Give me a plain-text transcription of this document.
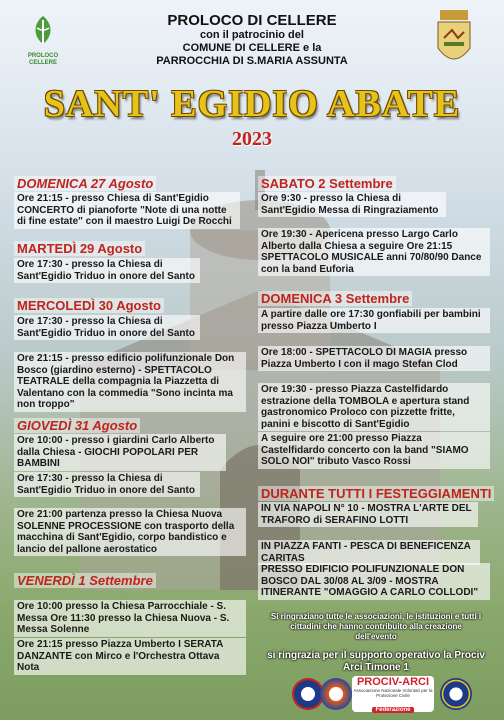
PROLOCO
CELLERE
PROLOCO DI CELLERE
con il patrocinio del
COMUNE DI CELLERE e la
PARROCCHIA DI S.MARIA ASSUNTA
SANT' EGIDIO ABATE
2023
DOMENICA 27 Agosto
Ore 21:15 - presso Chiesa di Sant'Egidio CONCERTO di pianoforte "Note di una notte di fine estate" con il maestro Luigi De Rocchi
MARTEDÌ 29 Agosto
Ore 17:30 - presso la Chiesa di Sant'Egidio Triduo in onore del Santo
MERCOLEDÌ 30 Agosto
Ore 17:30 - presso la Chiesa di Sant'Egidio Triduo in onore del Santo
Ore 21:15 - presso edificio polifunzionale Don Bosco (giardino esterno) - SPETTACOLO TEATRALE della compagnia la Piazzetta di Valentano con la commedia "Sono incinta ma non troppo"
GIOVEDÌ 31 Agosto
Ore 10:00 - presso i giardini Carlo Alberto dalla Chiesa - GIOCHI POPOLARI PER BAMBINI
Ore 17:30 - presso la Chiesa di Sant'Egidio Triduo in onore del Santo
Ore 21:00 partenza presso la Chiesa Nuova SOLENNE PROCESSIONE con trasporto della macchina di Sant'Egidio, corpo bandistico e lancio del pallone aerostatico
VENERDÌ 1 Settembre
Ore 10:00 presso la Chiesa Parrocchiale - S. Messa Ore 11:30 presso la Chiesa Nuova - S. Messa Solenne
Ore 21:15 presso Piazza Umberto I SERATA DANZANTE con Mirco e l'Orchestra Ottava Nota
SABATO 2 Settembre
Ore 9:30 - presso la Chiesa di Sant'Egidio Messa di Ringraziamento
Ore 19:30 - Apericena presso Largo Carlo Alberto dalla Chiesa a seguire Ore 21:15 SPETTACOLO MUSICALE anni 70/80/90 Dance con la band Euforia
DOMENICA 3 Settembre
A partire dalle ore 17:30 gonfiabili per bambini presso Piazza Umberto I
Ore 18:00 - SPETTACOLO DI MAGIA presso Piazza Umberto I con il mago Stefan Clod
Ore 19:30 - presso Piazza Castelfidardo estrazione della TOMBOLA e apertura stand gastronomico Proloco con pizzette fritte, panini e biscotto di Sant'Egidio
A seguire ore 21:00 presso Piazza Castelfidardo concerto con la band "SIAMO SOLO NOI" tributo Vasco Rossi
DURANTE TUTTI I FESTEGGIAMENTI
IN VIA NAPOLI N° 10 - MOSTRA L'ARTE DEL TRAFORO di SERAFINO LOTTI
IN PIAZZA FANTI - PESCA DI BENEFICENZA CARITAS
PRESSO EDIFICIO POLIFUNZIONALE DON BOSCO DAL 30/08 AL 3/09 - MOSTRA ITINERANTE "OMAGGIO A CARLO COLLODI"
Si ringraziano tutte le associazioni, le istituzioni e tutti i cittadini che hanno contribuito alla creazione dell'evento
si ringrazia per il supporto operativo la Prociv Arci Timone 1
PROCIV-ARCI
Associazione Nazionale Volontari per la Protezione Civile
Federazione
